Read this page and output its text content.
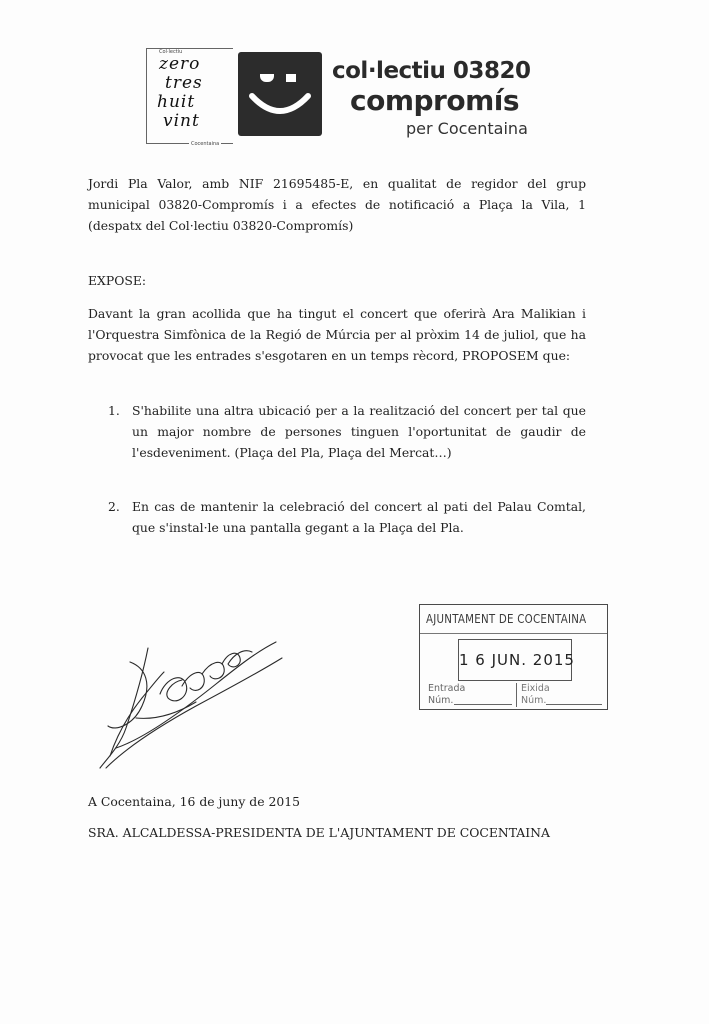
Col·lectiu
zero
tres
huit
vint
Cocentaina
col·lectiu 03820
compromís
per Cocentaina
Jordi Pla Valor, amb NIF 21695485-E, en qualitat de regidor del grup municipal 03820-Compromís i a efectes de notificació a Plaça la Vila, 1 (despatx del Col·lectiu 03820-Compromís)
EXPOSE:
Davant la gran acollida que ha tingut el concert que oferirà Ara Malikian i l'Orquestra Simfònica de la Regió de Múrcia per al pròxim 14 de juliol, que ha provocat que les entrades s'esgotaren en un temps rècord, PROPOSEM que:
1. S'habilite una altra ubicació per a la realització del concert per tal que un major nombre de persones tinguen l'oportunitat de gaudir de l'esdeveniment. (Plaça del Pla, Plaça del Mercat…)
2. En cas de mantenir la celebració del concert al pati del Palau Comtal, que s'instal·le una pantalla gegant a la Plaça del Pla.
AJUNTAMENT DE COCENTAINA
1 6 JUN. 2015
Entrada
Núm.
Eixida
Núm.
A Cocentaina, 16 de juny de 2015
SRA. ALCALDESSA-PRESIDENTA DE L'AJUNTAMENT DE COCENTAINA
